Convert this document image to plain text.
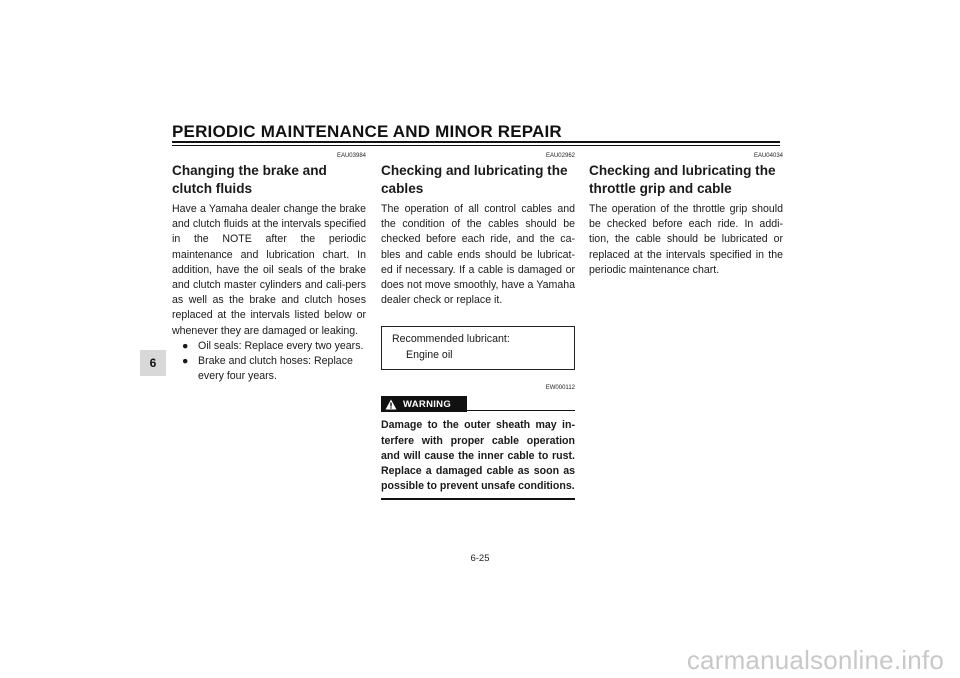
PERIODIC MAINTENANCE AND MINOR REPAIR
6
EAU03984
Changing the brake and clutch fluids

Have a Yamaha dealer change the brake and clutch fluids at the intervals specified in the NOTE after the periodic maintenance and lubrication chart. In addition, have the oil seals of the brake and clutch master cylinders and cali-pers as well as the brake and clutch hoses replaced at the intervals listed below or whenever they are damaged or leaking.

● Oil seals: Replace every two years.
● Brake and clutch hoses: Replace every four years.
EAU02962
Checking and lubricating the cables

The operation of all control cables and the condition of the cables should be checked before each ride, and the ca-bles and cable ends should be lubricat-ed if necessary. If a cable is damaged or does not move smoothly, have a Yamaha dealer check or replace it.

Recommended lubricant:
Engine oil
EW000112
WARNING

Damage to the outer sheath may in-terfere with proper cable operation and will cause the inner cable to rust. Replace a damaged cable as soon as possible to prevent unsafe conditions.

EAU04034
Checking and lubricating the throttle grip and cable

The operation of the throttle grip should be checked before each ride. In addi-tion, the cable should be lubricated or replaced at the intervals specified in the periodic maintenance chart.

6-25
carmanualsonline.info
